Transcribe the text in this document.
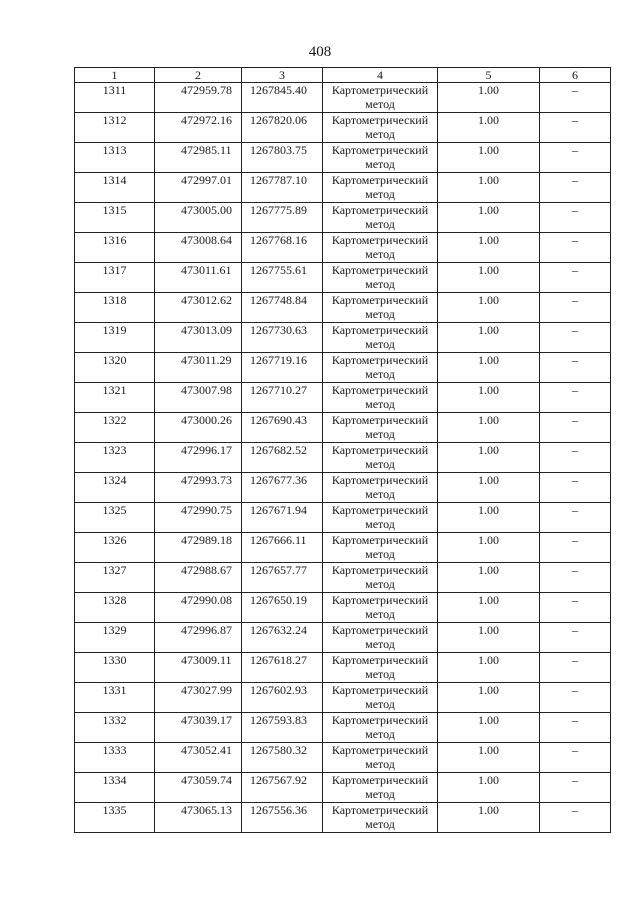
408
1	2	3	4	5	6
1311	472959.78	1267845.40	Картометрический метод	1.00	–
1312	472972.16	1267820.06	Картометрический метод	1.00	–
1313	472985.11	1267803.75	Картометрический метод	1.00	–
1314	472997.01	1267787.10	Картометрический метод	1.00	–
1315	473005.00	1267775.89	Картометрический метод	1.00	–
1316	473008.64	1267768.16	Картометрический метод	1.00	–
1317	473011.61	1267755.61	Картометрический метод	1.00	–
1318	473012.62	1267748.84	Картометрический метод	1.00	–
1319	473013.09	1267730.63	Картометрический метод	1.00	–
1320	473011.29	1267719.16	Картометрический метод	1.00	–
1321	473007.98	1267710.27	Картометрический метод	1.00	–
1322	473000.26	1267690.43	Картометрический метод	1.00	–
1323	472996.17	1267682.52	Картометрический метод	1.00	–
1324	472993.73	1267677.36	Картометрический метод	1.00	–
1325	472990.75	1267671.94	Картометрический метод	1.00	–
1326	472989.18	1267666.11	Картометрический метод	1.00	–
1327	472988.67	1267657.77	Картометрический метод	1.00	–
1328	472990.08	1267650.19	Картометрический метод	1.00	–
1329	472996.87	1267632.24	Картометрический метод	1.00	–
1330	473009.11	1267618.27	Картометрический метод	1.00	–
1331	473027.99	1267602.93	Картометрический метод	1.00	–
1332	473039.17	1267593.83	Картометрический метод	1.00	–
1333	473052.41	1267580.32	Картометрический метод	1.00	–
1334	473059.74	1267567.92	Картометрический метод	1.00	–
1335	473065.13	1267556.36	Картометрический метод	1.00	–
